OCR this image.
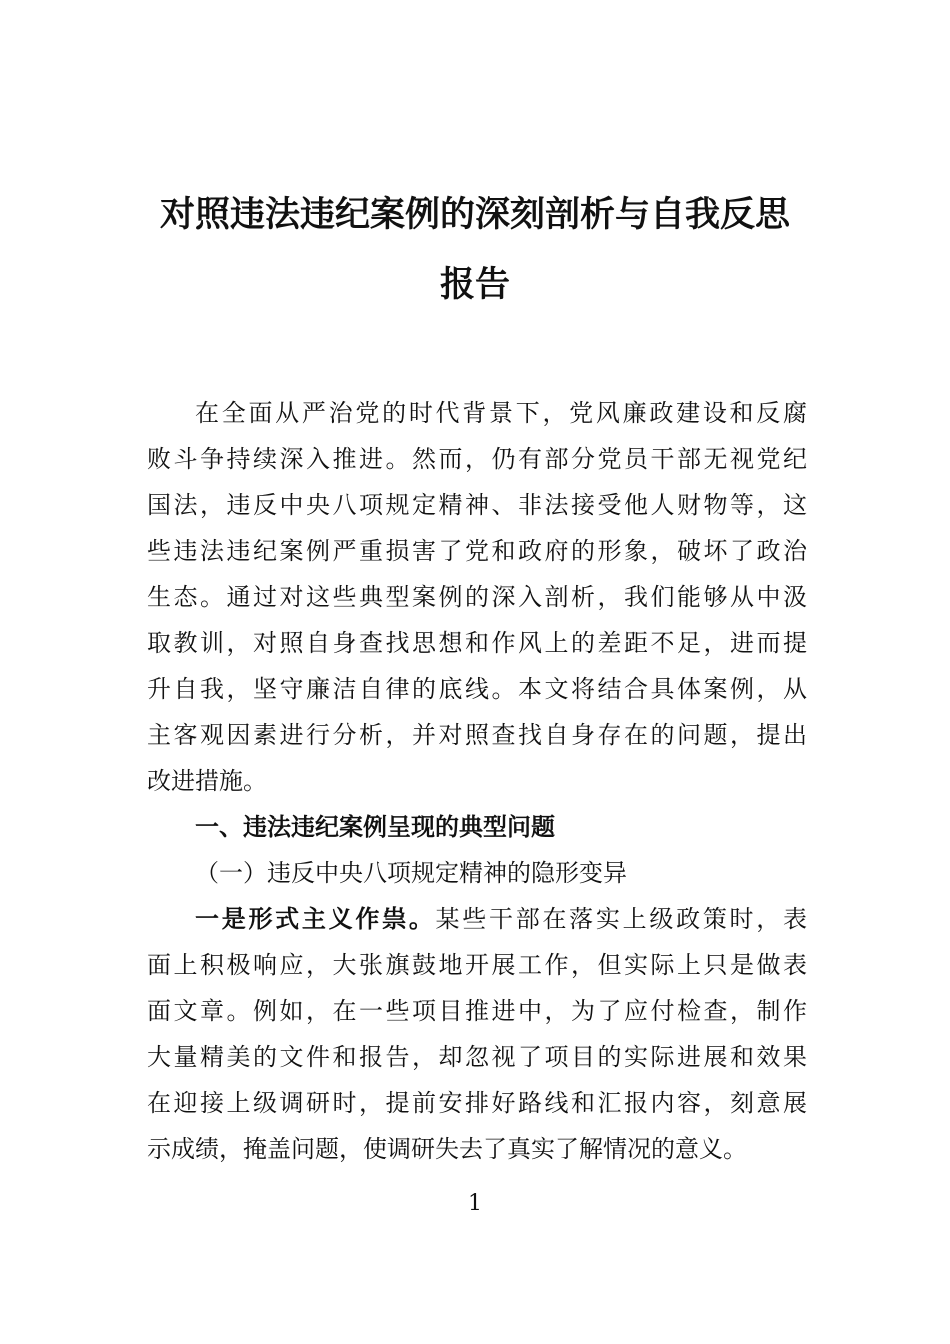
对照违法违纪案例的深刻剖析与自我反思
报告
在全面从严治党的时代背景下，党风廉政建设和反腐
败斗争持续深入推进。然而，仍有部分党员干部无视党纪
国法，违反中央八项规定精神、非法接受他人财物等，这
些违法违纪案例严重损害了党和政府的形象，破坏了政治
生态。通过对这些典型案例的深入剖析，我们能够从中汲
取教训，对照自身查找思想和作风上的差距不足，进而提
升自我，坚守廉洁自律的底线。本文将结合具体案例，从
主客观因素进行分析，并对照查找自身存在的问题，提出
改进措施。
一、违法违纪案例呈现的典型问题
（一）违反中央八项规定精神的隐形变异
一是形式主义作祟。某些干部在落实上级政策时，表
面上积极响应，大张旗鼓地开展工作，但实际上只是做表
面文章。例如，在一些项目推进中，为了应付检查，制作
大量精美的文件和报告，却忽视了项目的实际进展和效果
在迎接上级调研时，提前安排好路线和汇报内容，刻意展
示成绩，掩盖问题，使调研失去了真实了解情况的意义。
1
